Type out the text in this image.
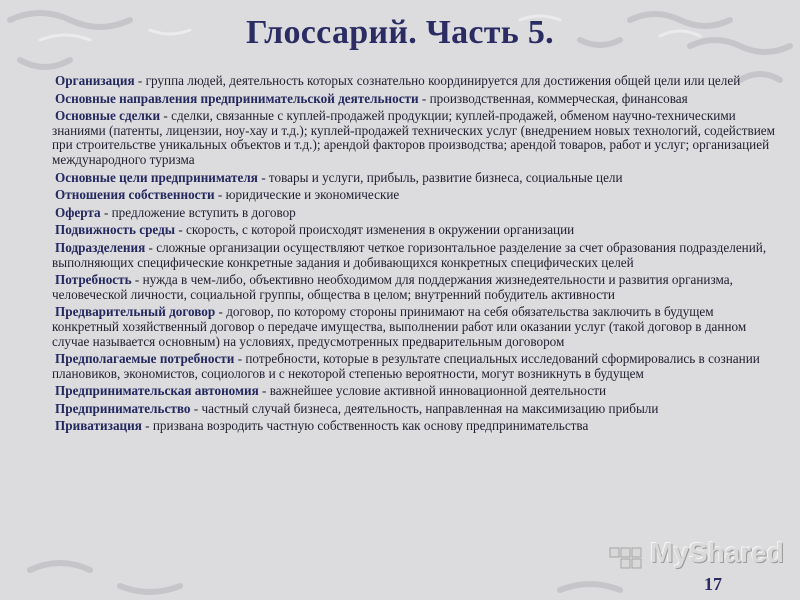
Глоссарий. Часть 5.
Организация - группа людей, деятельность которых сознательно координируется для достижения общей цели или целей
Основные направления предпринимательской деятельности - производственная, коммерческая, финансовая
Основные сделки - сделки, связанные с куплей-продажей продукции; куплей-продажей, обменом научно-техническими знаниями (патенты, лицензии, ноу-хау и т.д.); куплей-продажей технических услуг (внедрением новых технологий, содействием при строительстве уникальных объектов и т.д.); арендой факторов производства; арендой товаров, работ и услуг; организацией международного туризма
Основные цели предпринимателя - товары и услуги, прибыль, развитие бизнеса, социальные цели
Отношения собственности - юридические и экономические
Оферта - предложение вступить в договор
Подвижность среды - скорость, с которой происходят изменения в окружении организации
Подразделения - сложные организации осуществляют четкое горизонтальное разделение за счет образования подразделений, выполняющих специфические конкретные задания и добивающихся конкретных специфических целей
Потребность - нужда в чем-либо, объективно необходимом для поддержания жизнедеятельности и развития организма, человеческой личности, социальной группы, общества в целом; внутренний побудитель активности
Предварительный договор - договор, по которому стороны принимают на себя обязательства заключить в будущем конкретный хозяйственный договор о передаче имущества, выполнении работ или оказании услуг (такой договор в данном случае называется основным) на условиях, предусмотренных предварительным договором
Предполагаемые потребности - потребности, которые в результате специальных исследований сформировались в сознании плановиков, экономистов, социологов и с некоторой степенью вероятности, могут возникнуть в будущем
Предпринимательская автономия - важнейшее условие активной инновационной деятельности
Предпринимательство - частный случай бизнеса, деятельность, направленная на максимизацию прибыли
Приватизация - призвана возродить частную собственность как основу предпринимательства
MyShared
17
